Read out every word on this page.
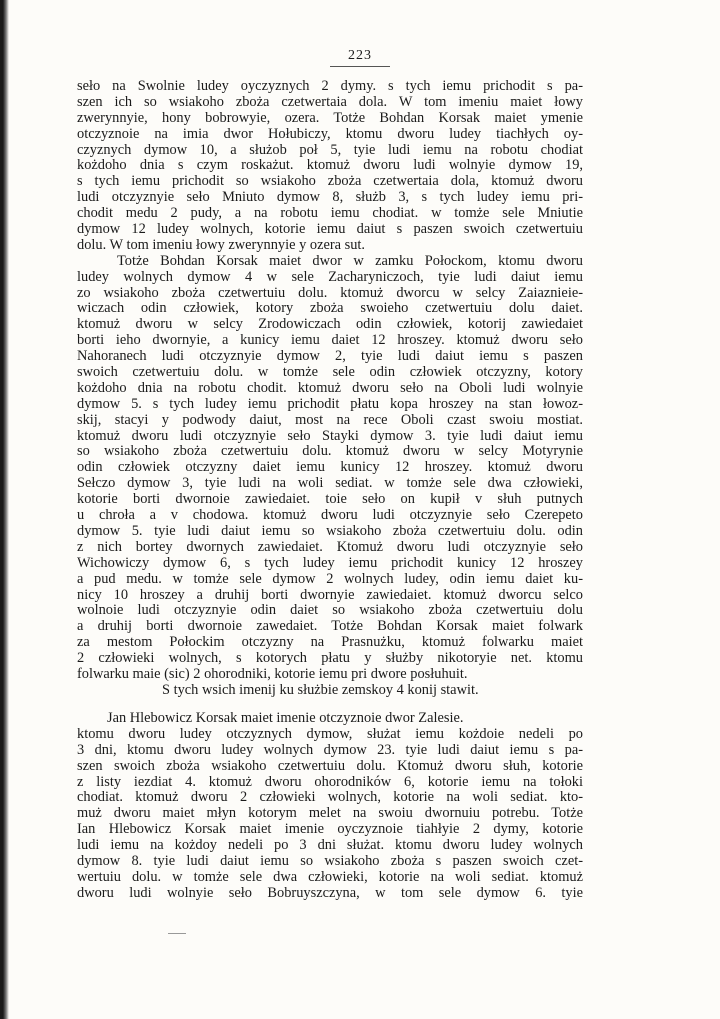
223
seło na Swolnie ludey oyczyznych 2 dymy. s tych iemu prichodit s pa-
szen ich so wsiakoho zboża czetwertaia dola. W tom imeniu maiet łowy
zwerynnyie, hony bobrowyie, ozera. Totże Bohdan Korsak maiet ymenie
otczyznoie na imia dwor Hołubiczy, ktomu dworu ludey tiachłych oy-
czyznych dymow 10, a służob poł 5, tyie ludi iemu na robotu chodiat
kożdoho dnia s czym roskażut. ktomuż dworu ludi wolnyie dymow 19,
s tych iemu prichodit so wsiakoho zboża czetwertaia dola, ktomuż dworu
ludi otczyznyie seło Mniuto dymow 8, służb 3, s tych ludey iemu pri-
chodit medu 2 pudy, a na robotu iemu chodiat. w tomże sele Mniutie
dymow 12 ludey wolnych, kotorie iemu daiut s paszen swoich czetwertuiu
dolu. W tom imeniu łowy zwerynnyie y ozera sut.
Totże Bohdan Korsak maiet dwor w zamku Połockom, ktomu dworu
ludey wolnych dymow 4 w sele Zacharyniczoch, tyie ludi daiut iemu
zo wsiakoho zboża czetwertuiu dolu. ktomuż dworcu w selcy Zaiaznieie-
wiczach odin człowiek, kotory zboża swoieho czetwertuiu dolu daiet.
ktomuż dworu w selcy Zrodowiczach odin człowiek, kotorij zawiedaiet
borti ieho dwornyie, a kunicy iemu daiet 12 hroszey. ktomuż dworu seło
Nahoranech ludi otczyznyie dymow 2, tyie ludi daiut iemu s paszen
swoich czetwertuiu dolu. w tomże sele odin człowiek otczyzny, kotory
kożdoho dnia na robotu chodit. ktomuż dworu seło na Oboli ludi wolnyie
dymow 5. s tych ludey iemu prichodit płatu kopa hroszey na stan łowoz-
skij, stacyi y podwody daiut, most na rece Oboli czast swoiu mostiat.
ktomuż dworu ludi otczyznyie seło Stayki dymow 3. tyie ludi daiut iemu
so wsiakoho zboża czetwertuiu dolu. ktomuż dworu w selcy Motyrynie
odin człowiek otczyzny daiet iemu kunicy 12 hroszey. ktomuż dworu
Sełczo dymow 3, tyie ludi na woli sediat. w tomże sele dwa człowieki,
kotorie borti dwornoie zawiedaiet. toie seło on kupił v słuh putnych
u chroła a v chodowa. ktomuż dworu ludi otczyznyie seło Czerepeto
dymow 5. tyie ludi daiut iemu so wsiakoho zboża czetwertuiu dolu. odin
z nich bortey dwornych zawiedaiet. Ktomuż dworu ludi otczyznyie seło
Wichowiczy dymow 6, s tych ludey iemu prichodit kunicy 12 hroszey
a pud medu. w tomże sele dymow 2 wolnych ludey, odin iemu daiet ku-
nicy 10 hroszey a druhij borti dwornyie zawiedaiet. ktomuż dworcu selco
wolnoie ludi otczyznyie odin daiet so wsiakoho zboża czetwertuiu dolu
a druhij borti dwornoie zawedaiet. Totże Bohdan Korsak maiet folwark
za mestom Połockim otczyzny na Prasnużku, ktomuż folwarku maiet
2 człowieki wolnych, s kotorych płatu y służby nikotoryie net. ktomu
folwarku maie (sic) 2 ohorodniki, kotorie iemu pri dwore posłuhuit.
S tych wsich imenij ku służbie zemskoy 4 konij stawit.
Jan Hlebowicz Korsak maiet imenie otczyznoie dwor Zalesie.
ktomu dworu ludey otczyznych dymow, służat iemu kożdoie nedeli po
3 dni, ktomu dworu ludey wolnych dymow 23. tyie ludi daiut iemu s pa-
szen swoich zboża wsiakoho czetwertuiu dolu. Ktomuż dworu słuh, kotorie
z listy iezdiat 4. ktomuż dworu ohorodników 6, kotorie iemu na tołoki
chodiat. ktomuż dworu 2 człowieki wolnych, kotorie na woli sediat. kto-
muż dworu maiet młyn kotorym melet na swoiu dwornuiu potrebu. Totże
Ian Hlebowicz Korsak maiet imenie oyczyznoie tiahłyie 2 dymy, kotorie
ludi iemu na kożdoy nedeli po 3 dni służat. ktomu dworu ludey wolnych
dymow 8. tyie ludi daiut iemu so wsiakoho zboża s paszen swoich czet-
wertuiu dolu. w tomże sele dwa człowieki, kotorie na woli sediat. ktomuż
dworu ludi wolnyie seło Bobruyszczyna, w tom sele dymow 6. tyie
